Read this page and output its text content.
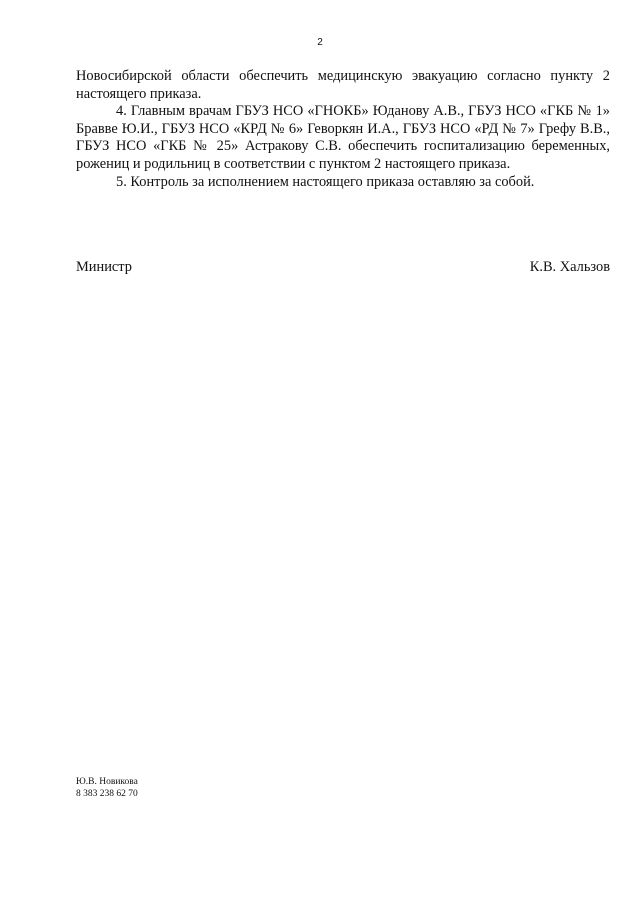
2

Новосибирской области обеспечить медицинскую эвакуацию согласно пункту 2 настоящего приказа.

4. Главным врачам ГБУЗ НСО «ГНОКБ» Юданову А.В., ГБУЗ НСО «ГКБ № 1» Бравве Ю.И., ГБУЗ НСО «КРД № 6» Геворкян И.А., ГБУЗ НСО «РД № 7» Грефу В.В., ГБУЗ НСО «ГКБ № 25» Астракову С.В. обеспечить госпитализацию беременных, рожениц и родильниц в соответствии с пунктом 2 настоящего приказа.

5. Контроль за исполнением настоящего приказа оставляю за собой.

Министр	К.В. Хальзов
Ю.В. Новикова
8 383 238 62 70
